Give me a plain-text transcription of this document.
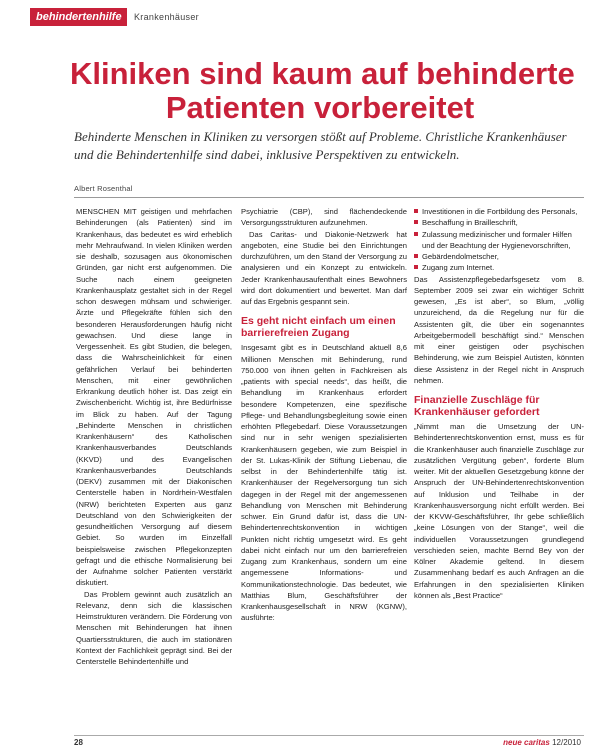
behindertenhilfe	Krankenhäuser
Kliniken sind kaum auf behinderte
Patienten vorbereitet
Behinderte Menschen in Kliniken zu versorgen stößt auf Probleme. Christliche Krankenhäuser und die Behindertenhilfe sind dabei, inklusive Perspektiven zu entwickeln.
Albert Rosenthal

MENSCHEN MIT geistigen und mehrfachen Behinderungen (als Patienten) sind im Krankenhaus, das bedeutet es wird erheblich mehr Mehraufwand. In vielen Kliniken werden sie deshalb, sozusagen aus ökonomischen Gründen, gar nicht erst aufgenommen. Die Suche nach einem geeigneten Krankenhausplatz gestaltet sich in der Regel schon deswegen mühsam und schwieriger. Ärzte und Pflegekräfte fühlen sich den besonderen Herausforderungen häufig nicht gewachsen. Und diese lange in Vergessenheit. Es gibt Studien, die belegen, dass die Wahrscheinlichkeit für einen gefährlichen Verlauf bei behinderten Menschen, mit einer gewöhnlichen Erkrankung deutlich höher ist. Das zeigt ein Zwischenbericht. Wichtig ist, ihre Bedürfnisse im Blick zu haben. Auf der Tagung „Behinderte Menschen in christlichen Krankenhäusern“ des Katholischen Krankenhausverbandes Deutschlands (KKVD) und des Evangelischen Krankenhausverbandes Deutschlands (DEKV) zusammen mit der Diakonischen Centerstelle haben in Nordrhein-Westfalen (NRW) berichteten Experten aus ganz Deutschland von den Schwierigkeiten der gesundheitlichen Versorgung auf diesem Gebiet. So wurden im Einzelfall beispielsweise zwischen Pflegekonzepten gefragt und die ethische Normalisierung bei der Aufnahme solcher Patienten verstärkt diskutiert.

Das Problem gewinnt auch zusätzlich an Relevanz, denn sich die klassischen Heimstrukturen verändern. Die Förderung von Menschen mit Behinderungen hat ihnen Quartiersstrukturen, die auch im stationären Kontext der Fachlichkeit geprägt sind. Bei der Centerstelle Behindertenhilfe und

Psychiatrie (CBP), sind flächendeckende Versorgungsstrukturen aufzunehmen.

Das Caritas- und Diakonie-Netzwerk hat angeboten, eine Studie bei den Einrichtungen durchzuführen, um den Stand der Versorgung zu analysieren und ein Konzept zu entwickeln. Jeder Krankenhausaufenthalt eines Bewohners wird dort dokumentiert und bewertet. Man darf auf das Ergebnis gespannt sein.

Es geht nicht einfach um einen barrierefreien Zugang

Insgesamt gibt es in Deutschland aktuell 8,6 Millionen Menschen mit Behinderung, rund 750.000 von ihnen gelten in Fachkreisen als „patients with special needs“, das heißt, die Behandlung im Krankenhaus erfordert besondere Kompetenzen, eine spezifische Pflege- und Behandlungsbegleitung sowie einen erhöhten Pflegebedarf. Diese Voraussetzungen sind nur in sehr wenigen spezialisierten Krankenhäusern gegeben, wie zum Beispiel in der St. Lukas-Klinik der Stiftung Liebenau, die selbst in der Behindertenhilfe tätig ist. Krankenhäuser der Regelversorgung tun sich dagegen in der Regel mit der angemessenen Behandlung von Menschen mit Behinderung schwer. Ein Grund dafür ist, dass die UN-Behindertenrechtskonvention in wichtigen Punkten nicht richtig umgesetzt wird. Es geht dabei nicht einfach nur um den barrierefreien Zugang zum Krankenhaus, sondern um eine angemessene Informations- und Kommunikationstechnologie. Das bedeutet, wie Matthias Blum, Geschäftsführer der Krankenhausgesellschaft in NRW (KGNW), ausführte:

Investitionen in die Fortbildung des Personals,
Beschaffung in Brailleschrift,
Zulassung medizinischer und formaler Hilfen und der Beachtung der Hygienevorschriften,
Gebärdendolmetscher,
Zugang zum Internet.

Das Assistenzpflegebedarfsgesetz vom 8. September 2009 sei zwar ein wichtiger Schritt gewesen, „Es ist aber“, so Blum, „völlig unzureichend, da die Regelung nur für die Assistenten gilt, die über ein sogenanntes Arbeitgebermodell beschäftigt sind.“ Menschen mit einer geistigen oder psychischen Behinderung, wie zum Beispiel Autisten, könnten diese Assistenz in der Regel nicht in Anspruch nehmen.

Finanzielle Zuschläge für Krankenhäuser gefordert

„Nimmt man die Umsetzung der UN-Behindertenrechtskonvention ernst, muss es für die Krankenhäuser auch finanzielle Zuschläge zur zusätzlichen Vergütung geben“, forderte Blum weiter. Mit der aktuellen Gesetzgebung könne der Anspruch der UN-Behindertenrechtskonvention auf Inklusion und Teilhabe in der Krankenhausversorgung nicht erfüllt werden. Bei der KKVW-Geschäftsführer, Ihr gebe schließlich „keine Lösungen von der Stange“, weil die individuellen Voraussetzungen grundlegend verschieden seien, machte Bernd Bey von der Kölner Akademie geltend. In diesem Zusammenhang bedarf es auch Anfragen an die Erfahrungen in den spezialisierten Kliniken können als „Best Practice“

28	neue caritas 12/2010
